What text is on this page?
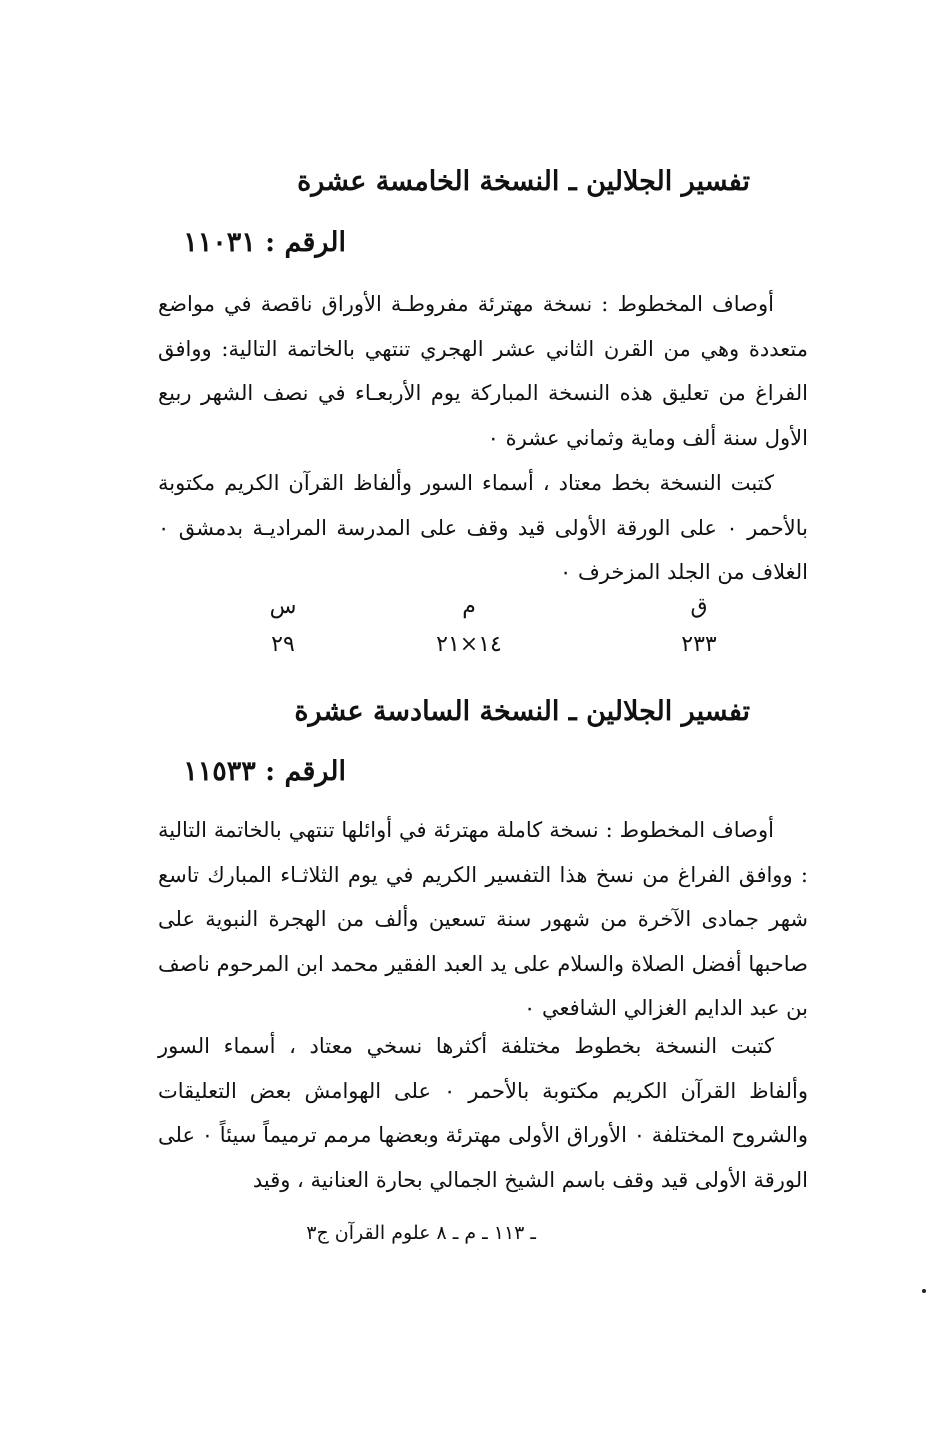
تفسير الجلالين ـ النسخة الخامسة عشرة
الرقم : ١١٠٣١

أوصاف المخطوط : نسخة مهترئة مفروطـة الأوراق ناقصة في مواضع متعددة وهي من القرن الثاني عشر الهجري تنتهي بالخاتمة التالية: ووافق الفراغ من تعليق هذه النسخة المباركة يوم الأربعـاء في نصف الشهر ربيع الأول سنة ألف ومایة وثماني عشرة ٠

كتبت النسخة بخط معتاد ، أسماء السور وألفاظ القرآن الكريم مكتوبة بالأحمر ٠ على الورقة الأولى قيد وقف على المدرسة المراديـة بدمشق ٠ الغلاف من الجلد المزخرف ٠

ق
م
س
٢٣٣
١٤×٢١
٢٩
تفسير الجلالين ـ النسخة السادسة عشرة
الرقم : ١١٥٣٣

أوصاف المخطوط : نسخة كاملة مهترئة في أوائلها تنتهي بالخاتمة التالية : ووافق الفراغ من نسخ هذا التفسير الكريم في يوم الثلاثـاء المبارك تاسع شهر جمادى الآخرة من شهور سنة تسعين وألف من الهجرة النبوية على صاحبها أفضل الصلاة والسلام على يد العبد الفقير محمد ابن المرحوم ناصف بن عبد الدايم الغزالي الشافعي ٠

كتبت النسخة بخطوط مختلفة أكثرها نسخي معتاد ، أسماء السور وألفاظ القرآن الكريم مكتوبة بالأحمر ٠ على الهوامش بعض التعليقات والشروح المختلفة ٠ الأوراق الأولى مهترئة وبعضها مرمم ترميماً سيئاً ٠ على الورقة الأولى قيد وقف باسم الشيخ الجمالي بحارة العنانية ، وقيد

ـ ١١٣ ـ م ـ ٨ علوم القرآن ج٣
